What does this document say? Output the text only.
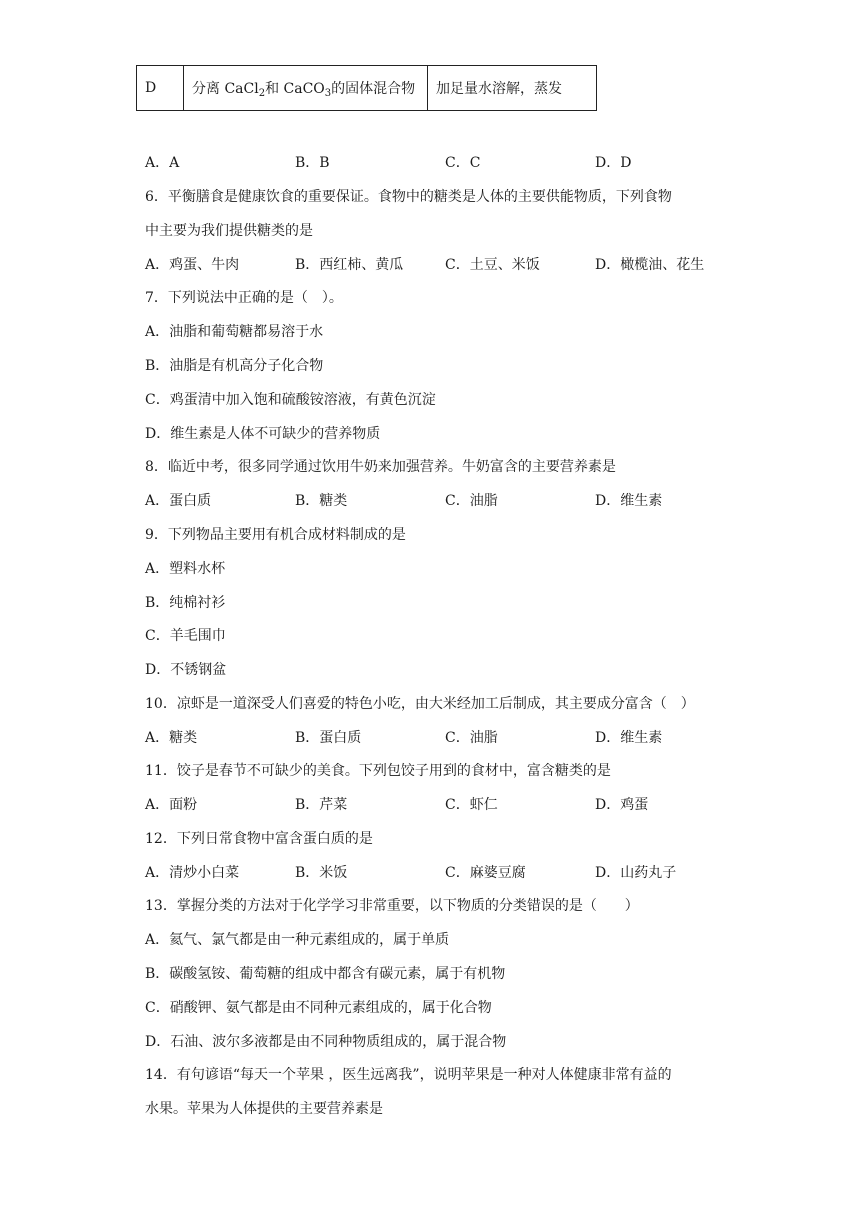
D	分离 CaCl$_2$和 CaCO$_3$的固体混合物	加足量水溶解，蒸发
A．A	B．B	C．C	D．D
6．平衡膳食是健康饮食的重要保证。食物中的糖类是人体的主要供能物质，下列食物
中主要为我们提供糖类的是
A．鸡蛋、牛肉	B．西红柿、黄瓜	C．土豆、米饭	D．橄榄油、花生
7．下列说法中正确的是（　）。
A．油脂和葡萄糖都易溶于水
B．油脂是有机高分子化合物
C．鸡蛋清中加入饱和硫酸铵溶液，有黄色沉淀
D．维生素是人体不可缺少的营养物质
8．临近中考，很多同学通过饮用牛奶来加强营养。牛奶富含的主要营养素是
A．蛋白质	B．糖类	C．油脂	D．维生素
9．下列物品主要用有机合成材料制成的是
A．塑料水杯
B．纯棉衬衫
C．羊毛围巾
D．不锈钢盆
10．凉虾是一道深受人们喜爱的特色小吃，由大米经加工后制成，其主要成分富含（　）
A．糖类	B．蛋白质	C．油脂	D．维生素
11．饺子是春节不可缺少的美食。下列包饺子用到的食材中，富含糖类的是
A．面粉	B．芹菜	C．虾仁	D．鸡蛋
12．下列日常食物中富含蛋白质的是
A．清炒小白菜	B．米饭	C．麻婆豆腐	D．山药丸子
13．掌握分类的方法对于化学学习非常重要，以下物质的分类错误的是（　　）
A．氦气、氯气都是由一种元素组成的，属于单质
B．碳酸氢铵、葡萄糖的组成中都含有碳元素，属于有机物
C．硝酸钾、氨气都是由不同种元素组成的，属于化合物
D．石油、波尔多液都是由不同种物质组成的，属于混合物
14．有句谚语“每天一个苹果 ，医生远离我”，说明苹果是一种对人体健康非常有益的
水果。苹果为人体提供的主要营养素是
